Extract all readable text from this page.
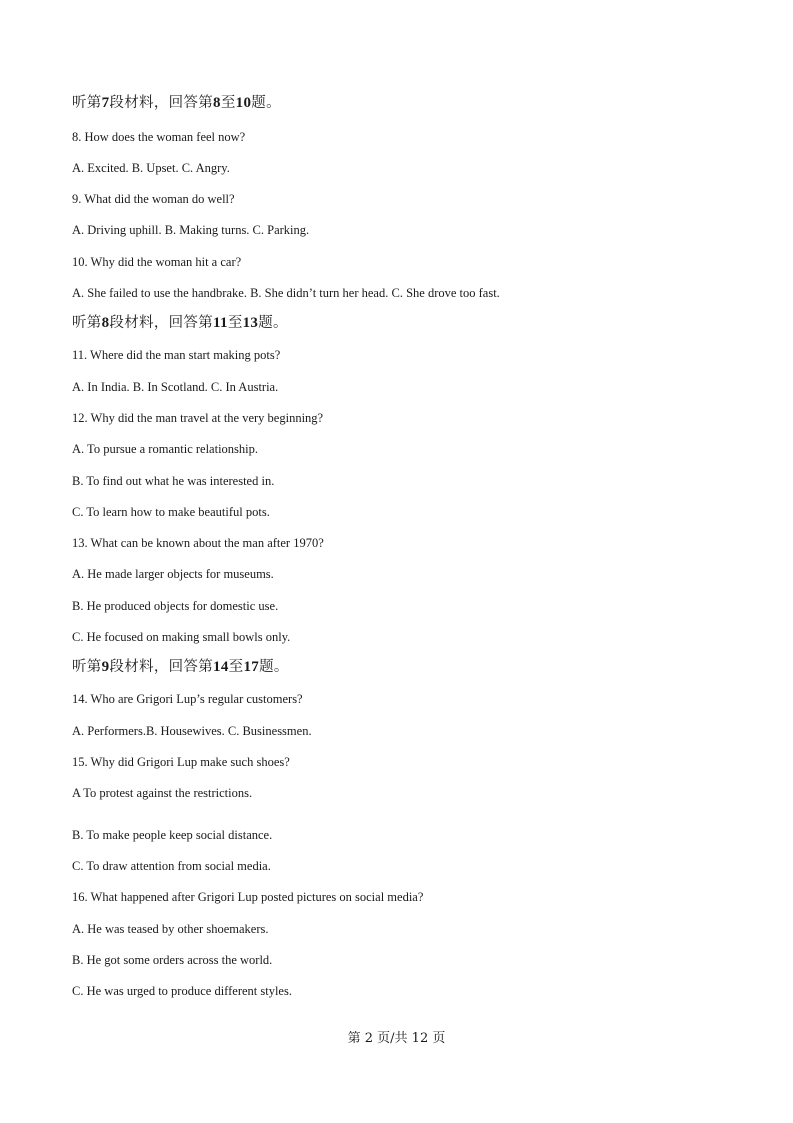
听第7段材料，回答第8至10题。
8. How does the woman feel now?
A. Excited. B. Upset. C. Angry.
9. What did the woman do well?
A. Driving uphill. B. Making turns. C. Parking.
10. Why did the woman hit a car?
A. She failed to use the handbrake. B. She didn’t turn her head. C. She drove too fast.
听第8段材料，回答第11至13题。
11. Where did the man start making pots?
A. In India. B. In Scotland. C. In Austria.
12. Why did the man travel at the very beginning?
A. To pursue a romantic relationship.
B. To find out what he was interested in.
C. To learn how to make beautiful pots.
13. What can be known about the man after 1970?
A. He made larger objects for museums.
B. He produced objects for domestic use.
C. He focused on making small bowls only.
听第9段材料，回答第14至17题。
14. Who are Grigori Lup’s regular customers?
A. Performers.B. Housewives. C. Businessmen.
15. Why did Grigori Lup make such shoes?
A To protest against the restrictions.
B. To make people keep social distance.
C. To draw attention from social media.
16. What happened after Grigori Lup posted pictures on social media?
A. He was teased by other shoemakers.
B. He got some orders across the world.
C. He was urged to produce different styles.
第 2 页/共 12 页
